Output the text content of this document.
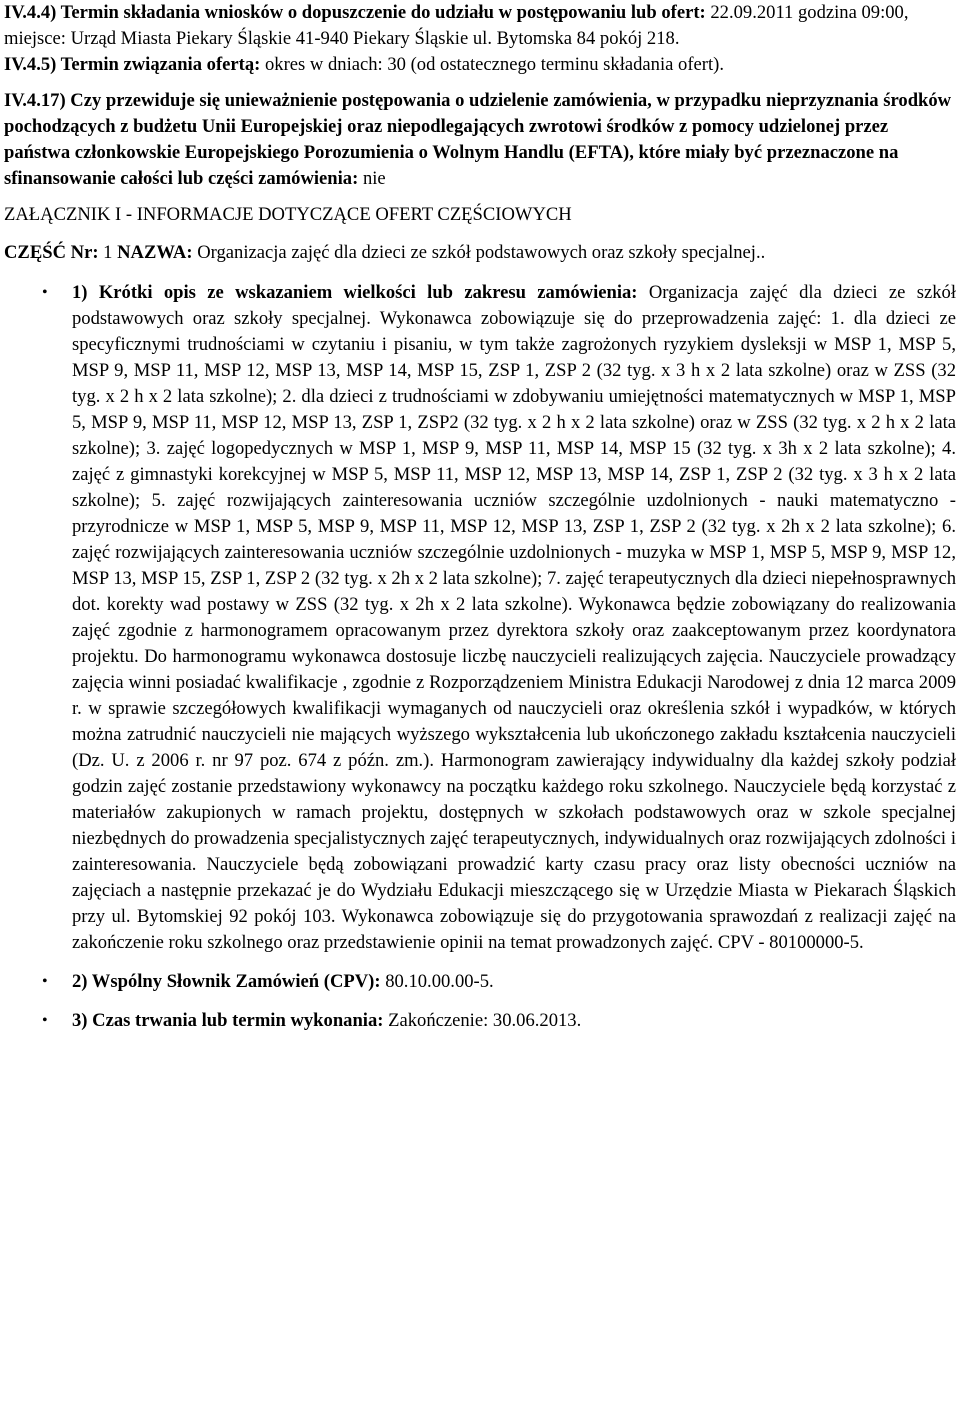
IV.4.4) Termin składania wniosków o dopuszczenie do udziału w postępowaniu lub ofert: 22.09.2011 godzina 09:00, miejsce: Urząd Miasta Piekary Śląskie 41-940 Piekary Śląskie ul. Bytomska 84 pokój 218.

IV.4.5) Termin związania ofertą: okres w dniach: 30 (od ostatecznego terminu składania ofert).

IV.4.17) Czy przewiduje się unieważnienie postępowania o udzielenie zamówienia, w przypadku nieprzyznania środków pochodzących z budżetu Unii Europejskiej oraz niepodlegających zwrotowi środków z pomocy udzielonej przez państwa członkowskie Europejskiego Porozumienia o Wolnym Handlu (EFTA), które miały być przeznaczone na sfinansowanie całości lub części zamówienia: nie

ZAŁĄCZNIK I - INFORMACJE DOTYCZĄCE OFERT CZĘŚCIOWYCH

CZĘŚĆ Nr: 1 NAZWA: Organizacja zajęć dla dzieci ze szkół podstawowych oraz szkoły specjalnej..

• 1) Krótki opis ze wskazaniem wielkości lub zakresu zamówienia: Organizacja zajęć dla dzieci ze szkół podstawowych oraz szkoły specjalnej. Wykonawca zobowiązuje się do przeprowadzenia zajęć: 1. dla dzieci ze specyficznymi trudnościami w czytaniu i pisaniu, w tym także zagrożonych ryzykiem dysleksji w MSP 1, MSP 5, MSP 9, MSP 11, MSP 12, MSP 13, MSP 14, MSP 15, ZSP 1, ZSP 2 (32 tyg. x 3 h x 2 lata szkolne) oraz w ZSS (32 tyg. x 2 h x 2 lata szkolne); 2. dla dzieci z trudnościami w zdobywaniu umiejętności matematycznych w MSP 1, MSP 5, MSP 9, MSP 11, MSP 12, MSP 13, ZSP 1, ZSP2 (32 tyg. x 2 h x 2 lata szkolne) oraz w ZSS (32 tyg. x 2 h x 2 lata szkolne); 3. zajęć logopedycznych w MSP 1, MSP 9, MSP 11, MSP 14, MSP 15 (32 tyg. x 3h x 2 lata szkolne); 4. zajęć z gimnastyki korekcyjnej w MSP 5, MSP 11, MSP 12, MSP 13, MSP 14, ZSP 1, ZSP 2 (32 tyg. x 3 h x 2 lata szkolne); 5. zajęć rozwijających zainteresowania uczniów szczególnie uzdolnionych - nauki matematyczno -przyrodnicze w MSP 1, MSP 5, MSP 9, MSP 11, MSP 12, MSP 13, ZSP 1, ZSP 2 (32 tyg. x 2h x 2 lata szkolne); 6. zajęć rozwijających zainteresowania uczniów szczególnie uzdolnionych - muzyka w MSP 1, MSP 5, MSP 9, MSP 12, MSP 13, MSP 15, ZSP 1, ZSP 2 (32 tyg. x 2h x 2 lata szkolne); 7. zajęć terapeutycznych dla dzieci niepełnosprawnych dot. korekty wad postawy w ZSS (32 tyg. x 2h x 2 lata szkolne). Wykonawca będzie zobowiązany do realizowania zajęć zgodnie z harmonogramem opracowanym przez dyrektora szkoły oraz zaakceptowanym przez koordynatora projektu. Do harmonogramu wykonawca dostosuje liczbę nauczycieli realizujących zajęcia. Nauczyciele prowadzący zajęcia winni posiadać kwalifikacje , zgodnie z Rozporządzeniem Ministra Edukacji Narodowej z dnia 12 marca 2009 r. w sprawie szczegółowych kwalifikacji wymaganych od nauczycieli oraz określenia szkół i wypadków, w których można zatrudnić nauczycieli nie mających wyższego wykształcenia lub ukończonego zakładu kształcenia nauczycieli (Dz. U. z 2006 r. nr 97 poz. 674 z późn. zm.). Harmonogram zawierający indywidualny dla każdej szkoły podział godzin zajęć zostanie przedstawiony wykonawcy na początku każdego roku szkolnego. Nauczyciele będą korzystać z materiałów zakupionych w ramach projektu, dostępnych w szkołach podstawowych oraz w szkole specjalnej niezbędnych do prowadzenia specjalistycznych zajęć terapeutycznych, indywidualnych oraz rozwijających zdolności i zainteresowania. Nauczyciele będą zobowiązani prowadzić karty czasu pracy oraz listy obecności uczniów na zajęciach a następnie przekazać je do Wydziału Edukacji mieszczącego się w Urzędzie Miasta w Piekarach Śląskich przy ul. Bytomskiej 92 pokój 103. Wykonawca zobowiązuje się do przygotowania sprawozdań z realizacji zajęć na zakończenie roku szkolnego oraz przedstawienie opinii na temat prowadzonych zajęć. CPV - 80100000-5.
• 2) Wspólny Słownik Zamówień (CPV): 80.10.00.00-5.
• 3) Czas trwania lub termin wykonania: Zakończenie: 30.06.2013.
